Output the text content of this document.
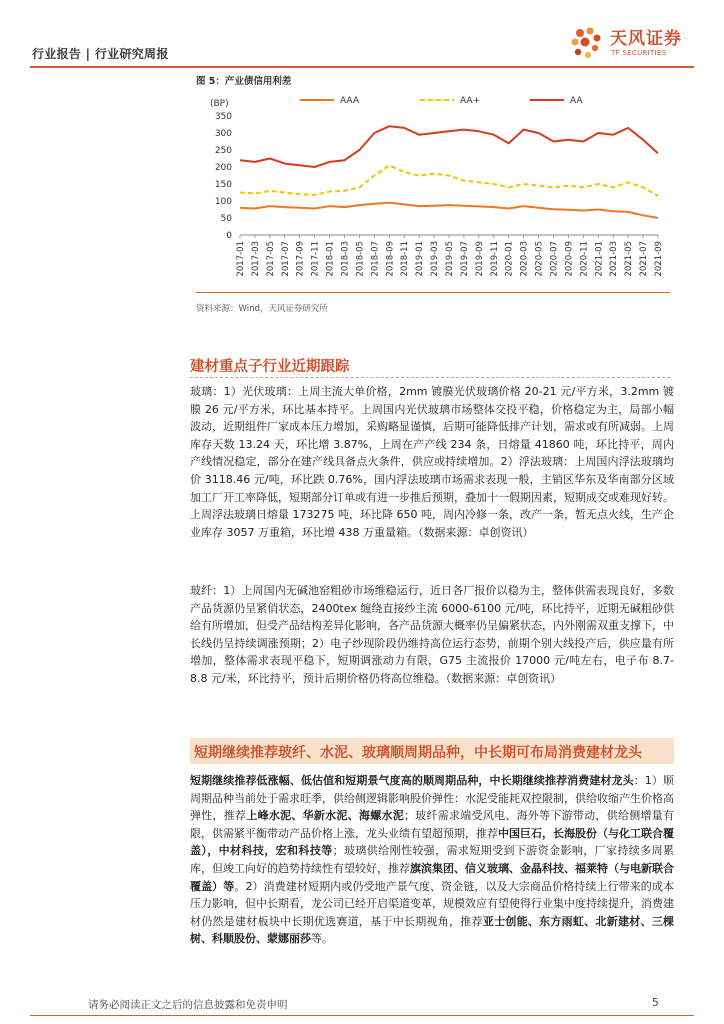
行业报告 | 行业研究周报
天风证券
TF SECURITIES
图 5：产业债信用利差
(BP)
0
50
100
150
200
250
300
350
2017-01 2017-03 2017-05 2017-07 2017-09 2017-11 2018-01 2018-03 2018-05 2018-07 2018-09 2018-11 2019-01 2019-03 2019-05 2019-07 2019-09 2019-11 2020-01 2020-03 2020-05 2020-07 2020-09 2020-11 2021-01 2021-03 2021-05 2021-07 2021-09
AAA	AA+	AA
资料来源：Wind，天风证券研究所
建材重点子行业近期跟踪
玻璃：1）光伏玻璃：上周主流大单价格，2mm 镀膜光伏玻璃价格 20-21 元/平方米，3.2mm 镀膜 26 元/平方米，环比基本持平。上周国内光伏玻璃市场整体交投平稳，价格稳定为主，局部小幅波动，近期组件厂家成本压力增加，采购略显谨慎，后期可能降低排产计划，需求或有所减弱。上周库存天数 13.24 天，环比增 3.87%，上周在产产线 234 条，日熔量 41860 吨，环比持平，周内产线情况稳定，部分在建产线具备点火条件，供应或持续增加。2）浮法玻璃：上周国内浮法玻璃均价 3118.46 元/吨，环比跌 0.76%，国内浮法玻璃市场需求表现一般，主销区华东及华南部分区域加工厂开工率降低，短期部分订单或有进一步推后预期，叠加十一假期因素，短期成交或难现好转。上周浮法玻璃日熔量 173275 吨，环比降 650 吨，周内冷修一条，改产一条，暂无点火线，生产企业库存 3057 万重箱，环比增 438 万重量箱。（数据来源：卓创资讯）
玻纤：1）上周国内无碱池窑粗砂市场维稳运行，近日各厂报价以稳为主，整体供需表现良好，多数产品货源仍呈紧俏状态，2400tex 缠绕直接纱主流 6000-6100 元/吨，环比持平，近期无碱粗砂供给有所增加，但受产品结构差异化影响，各产品货源大概率仍呈偏紧状态，内外刚需双重支撑下，中长线仍呈持续调涨预期；2）电子纱现阶段仍维持高位运行态势，前期个别大线投产后，供应量有所增加，整体需求表现平稳下，短期调涨动力有限，G75 主流报价 17000 元/吨左右，电子布 8.7-8.8 元/米，环比持平，预计后期价格仍将高位维稳。（数据来源：卓创资讯）
短期继续推荐玻纤、水泥、玻璃顺周期品种，中长期可布局消费建材龙头
短期继续推荐低涨幅、低估值和短期景气度高的顺周期品种，中长期继续推荐消费建材龙头：1）顺周期品种当前处于需求旺季，供给侧逻辑影响股价弹性：水泥受能耗双控限制，供给收缩产生价格高弹性，推荐上峰水泥、华新水泥、海螺水泥；玻纤需求端受风电、海外等下游带动，供给侧增量有限，供需紧平衡带动产品价格上涨，龙头业绩有望超预期，推荐中国巨石，长海股份（与化工联合覆盖），中材科技，宏和科技等；玻璃供给刚性较强，需求短期受到下游资金影响，厂家持续多周累库，但竣工向好的趋势持续性有望较好，推荐旗滨集团、信义玻璃、金晶科技、福莱特（与电新联合覆盖）等。2）消费建材短期内或仍受地产景气度、资金链，以及大宗商品价格持续上行带来的成本压力影响，但中长期看，龙公司已经开启渠道变革，规模效应有望使得行业集中度持续提升，消费建材仍然是建材板块中长期优选赛道，基于中长期视角，推荐亚士创能、东方雨虹、北新建材、三棵树、科顺股份、蒙娜丽莎等。
请务必阅读正文之后的信息披露和免责申明	5
